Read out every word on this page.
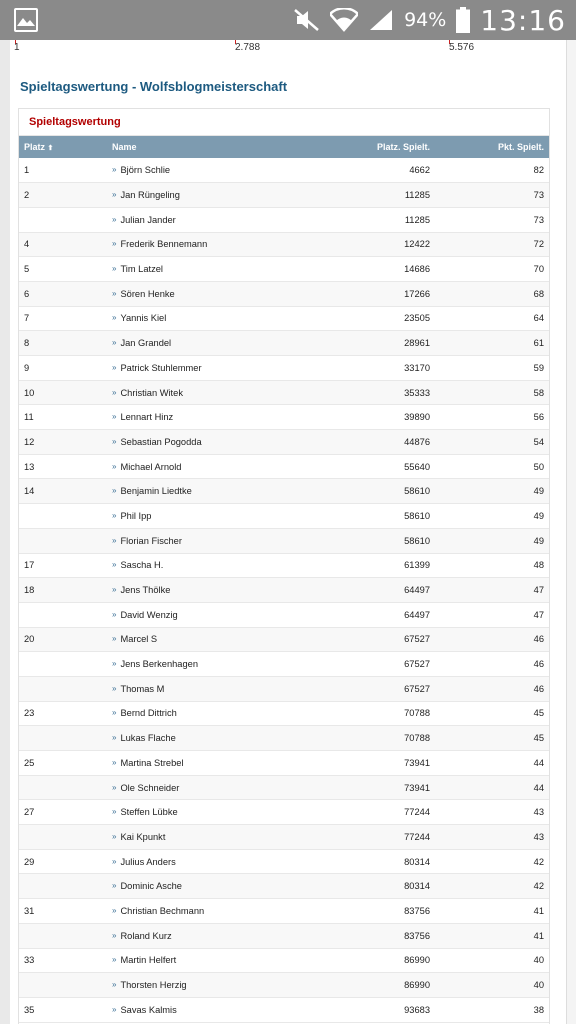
94% 13:16
1	2.788	5.576
Spieltagswertung - Wolfsblogmeisterschaft
Spieltagswertung
Platz ⬆	Name	Platz. Spielt.	Pkt. Spielt.
1	» Björn Schlie	4662	82
2	» Jan Rüngeling	11285	73
	» Julian Jander	11285	73
4	» Frederik Bennemann	12422	72
5	» Tim Latzel	14686	70
6	» Sören Henke	17266	68
7	» Yannis Kiel	23505	64
8	» Jan Grandel	28961	61
9	» Patrick Stuhlemmer	33170	59
10	» Christian Witek	35333	58
11	» Lennart Hinz	39890	56
12	» Sebastian Pogodda	44876	54
13	» Michael Arnold	55640	50
14	» Benjamin Liedtke	58610	49
	» Phil Ipp	58610	49
	» Florian Fischer	58610	49
17	» Sascha H.	61399	48
18	» Jens Thölke	64497	47
	» David Wenzig	64497	47
20	» Marcel S	67527	46
	» Jens Berkenhagen	67527	46
	» Thomas M	67527	46
23	» Bernd Dittrich	70788	45
	» Lukas Flache	70788	45
25	» Martina Strebel	73941	44
	» Ole Schneider	73941	44
27	» Steffen Lübke	77244	43
	» Kai Kpunkt	77244	43
29	» Julius Anders	80314	42
	» Dominic Asche	80314	42
31	» Christian Bechmann	83756	41
	» Roland Kurz	83756	41
33	» Martin Helfert	86990	40
	» Thorsten Herzig	86990	40
35	» Savas Kalmis	93683	38
